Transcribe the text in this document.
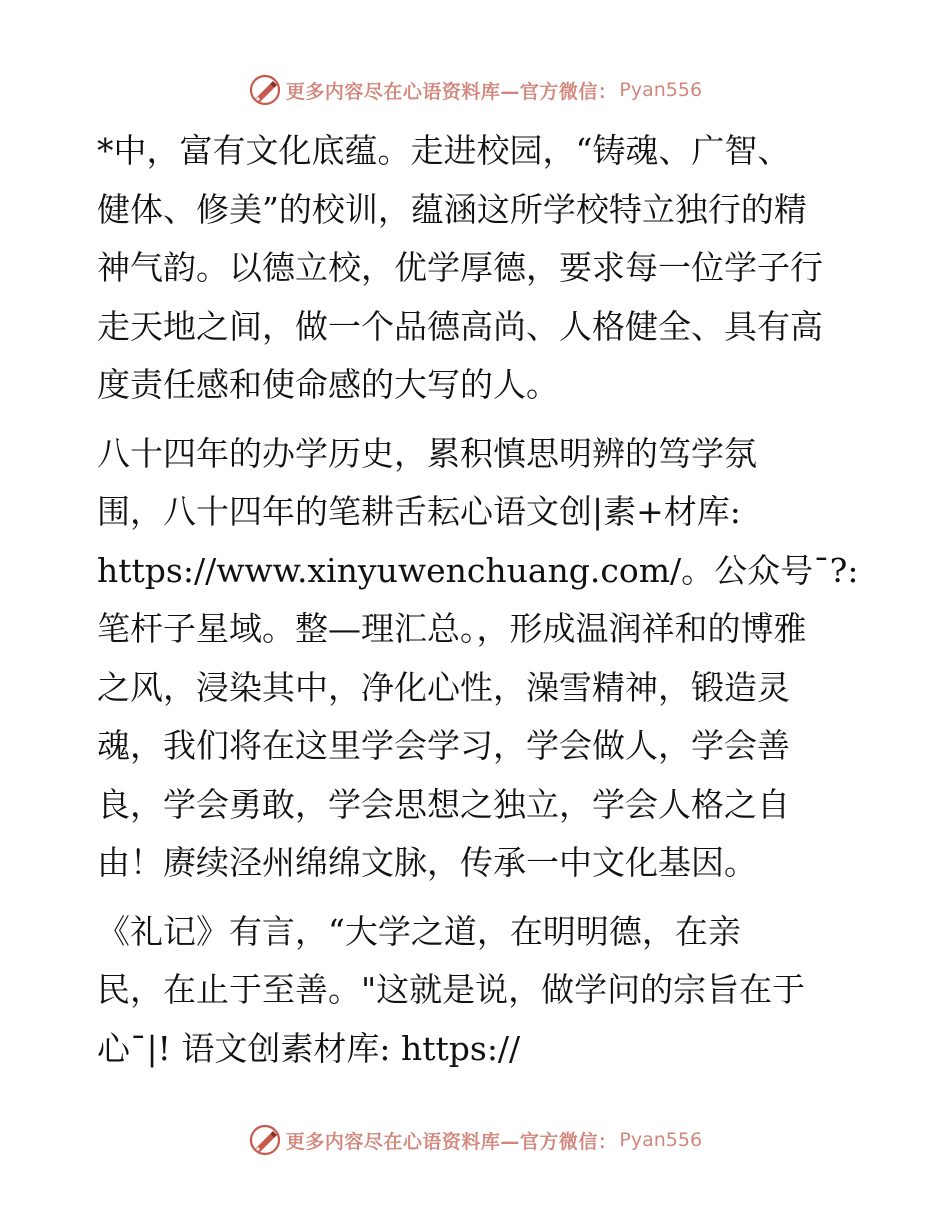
更多内容尽在心语资料库—官方微信： Pyan556

*中，富有文化底蕴。走进校园，“铸魂、广智、
健体、修美”的校训，蕴涵这所学校特立独行的精
神气韵。以德立校，优学厚德，要求每一位学子行
走天地之间，做一个品德高尚、人格健全、具有高
度责任感和使命感的大写的人。

八十四年的办学历史，累积慎思明辨的笃学氛
围，八十四年的笔耕舌耘心语文创|素+材库:
https://www.xinyuwenchuang.com/。公众号¯?:
笔杆子星域。整—理汇总。，形成温润祥和的博雅
之风，浸染其中，净化心性，澡雪精神，锻造灵
魂，我们将在这里学会学习，学会做人，学会善
良，学会勇敢，学会思想之独立，学会人格之自
由！赓续泾州绵绵文脉，传承一中文化基因。

《礼记》有言，“大学之道，在明明德，在亲
民，在止于至善。"这就是说，做学问的宗旨在于
心¯|! 语文创素材库: https://

更多内容尽在心语资料库—官方微信： Pyan556
